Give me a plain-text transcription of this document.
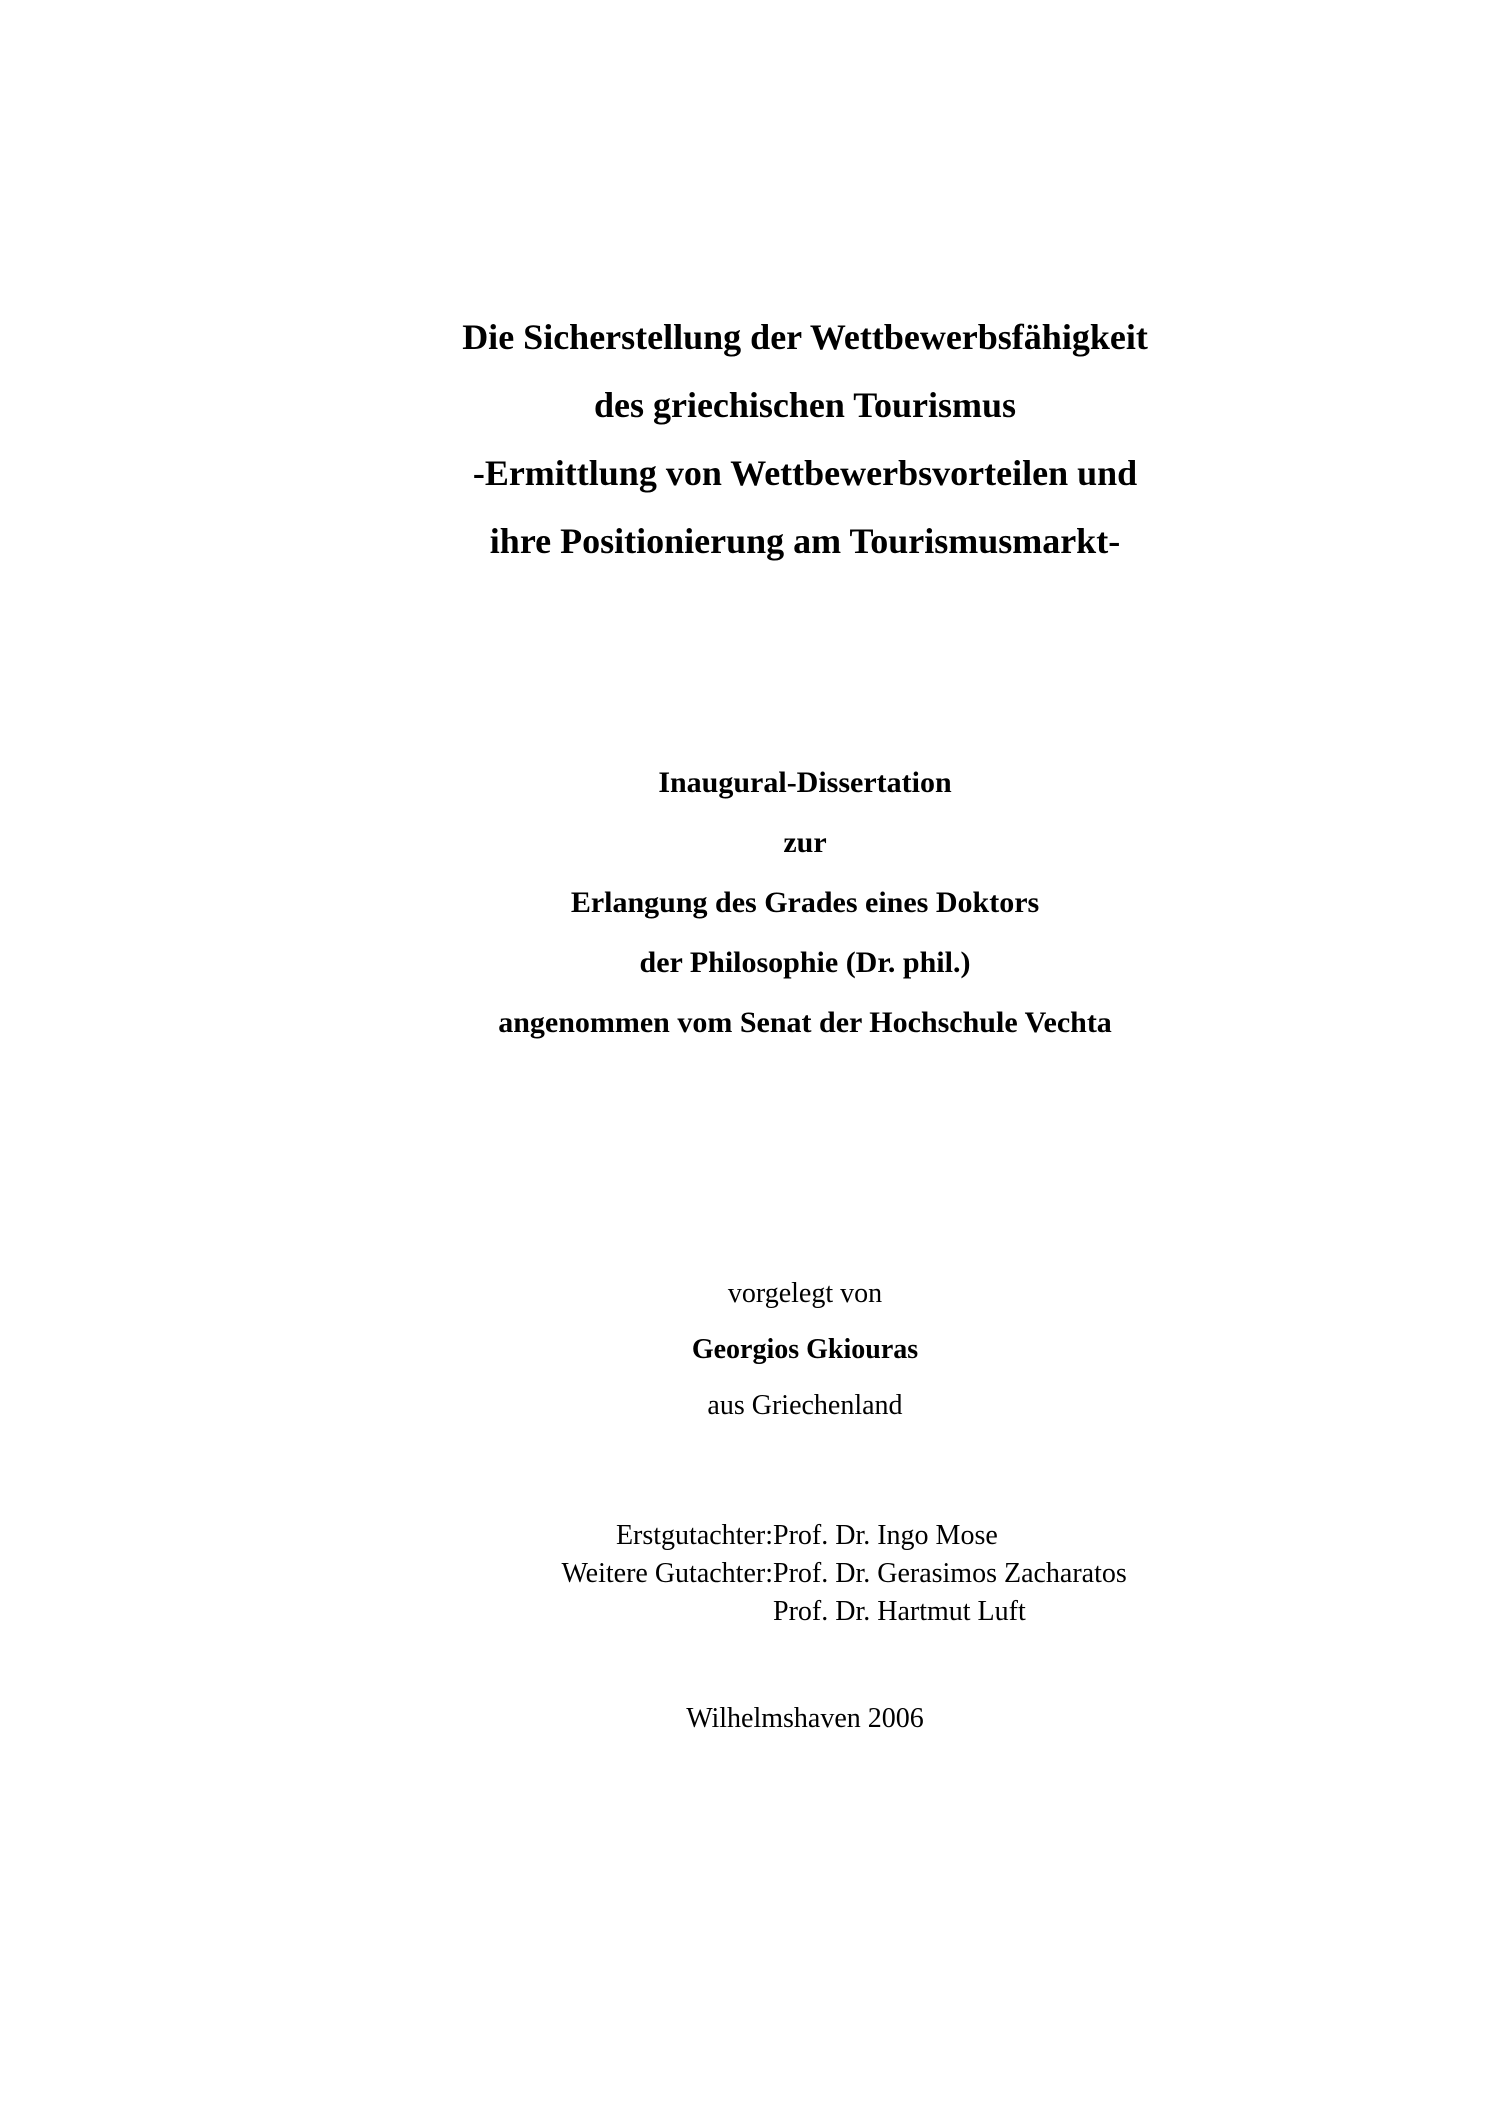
Die Sicherstellung der Wettbewerbsfähigkeit
des griechischen Tourismus
-Ermittlung von Wettbewerbsvorteilen und
ihre Positionierung am Tourismusmarkt-
Inaugural-Dissertation
zur
Erlangung des Grades eines Doktors
der Philosophie (Dr. phil.)
angenommen vom Senat der Hochschule Vechta
vorgelegt von
Georgios Gkiouras
aus Griechenland
Erstgutachter: Prof. Dr. Ingo Mose
Weitere Gutachter: Prof. Dr. Gerasimos Zacharatos
Prof. Dr. Hartmut Luft
Wilhelmshaven 2006
